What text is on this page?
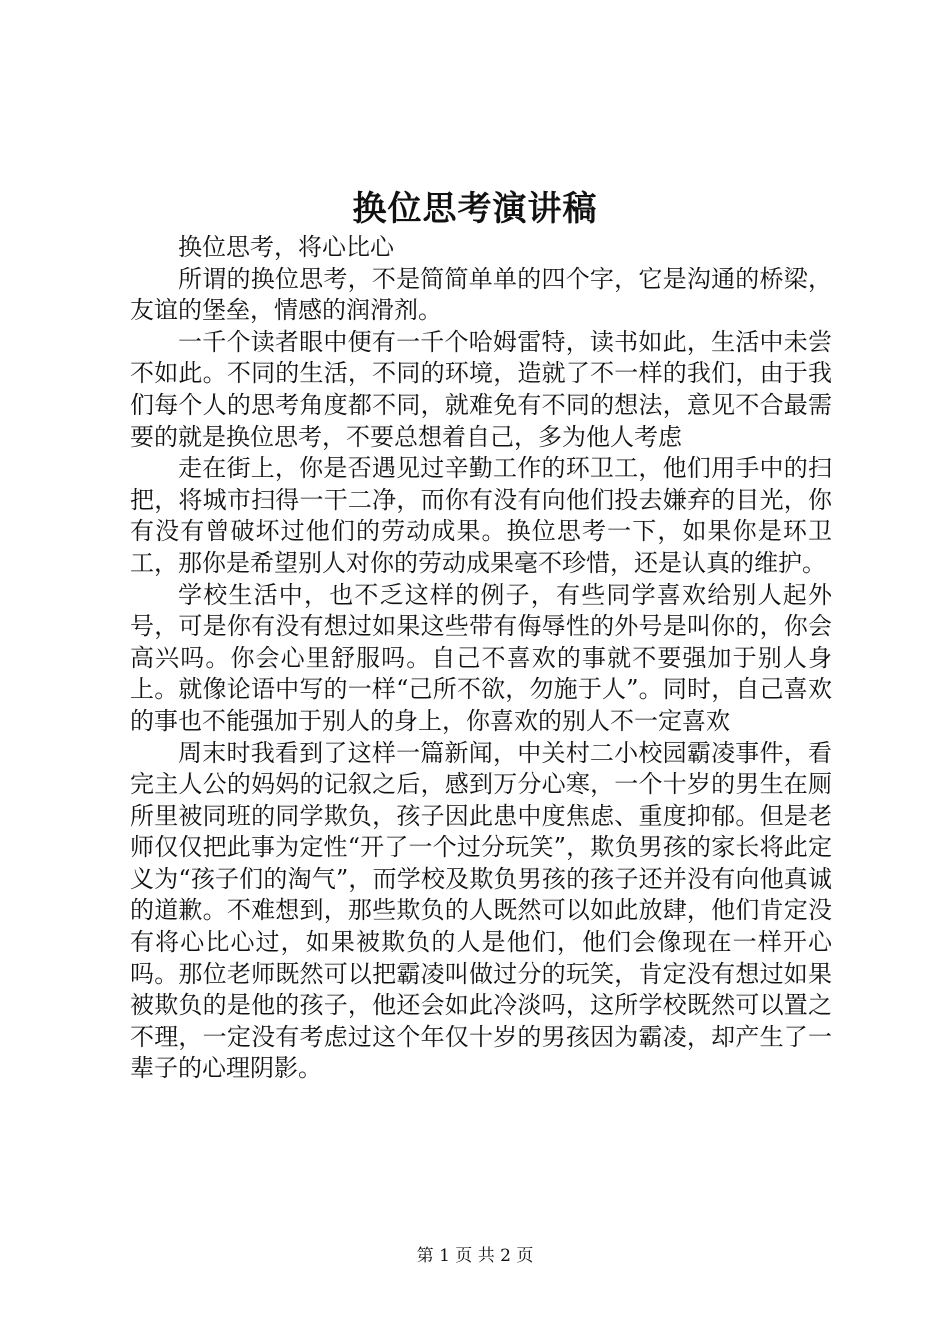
换位思考演讲稿

换位思考，将心比心

所谓的换位思考，不是简简单单的四个字，它是沟通的桥梁，友谊的堡垒，情感的润滑剂。

一千个读者眼中便有一千个哈姆雷特，读书如此，生活中未尝不如此。不同的生活，不同的环境，造就了不一样的我们，由于我们每个人的思考角度都不同，就难免有不同的想法，意见不合最需要的就是换位思考，不要总想着自己，多为他人考虑

走在街上，你是否遇见过辛勤工作的环卫工，他们用手中的扫把，将城市扫得一干二净，而你有没有向他们投去嫌弃的目光，你有没有曾破坏过他们的劳动成果。换位思考一下，如果你是环卫工，那你是希望别人对你的劳动成果毫不珍惜，还是认真的维护。

学校生活中，也不乏这样的例子，有些同学喜欢给别人起外号，可是你有没有想过如果这些带有侮辱性的外号是叫你的，你会高兴吗。你会心里舒服吗。自己不喜欢的事就不要强加于别人身上。就像论语中写的一样“己所不欲，勿施于人”。同时，自己喜欢的事也不能强加于别人的身上，你喜欢的别人不一定喜欢

周末时我看到了这样一篇新闻，中关村二小校园霸凌事件，看完主人公的妈妈的记叙之后，感到万分心寒，一个十岁的男生在厕所里被同班的同学欺负，孩子因此患中度焦虑、重度抑郁。但是老师仅仅把此事为定性“开了一个过分玩笑”，欺负男孩的家长将此定义为“孩子们的淘气”，而学校及欺负男孩的孩子还并没有向他真诚的道歉。不难想到，那些欺负的人既然可以如此放肆，他们肯定没有将心比心过，如果被欺负的人是他们，他们会像现在一样开心吗。那位老师既然可以把霸凌叫做过分的玩笑，肯定没有想过如果被欺负的是他的孩子，他还会如此冷淡吗，这所学校既然可以置之不理，一定没有考虑过这个年仅十岁的男孩因为霸凌，却产生了一辈子的心理阴影。

第 1 页 共 2 页
